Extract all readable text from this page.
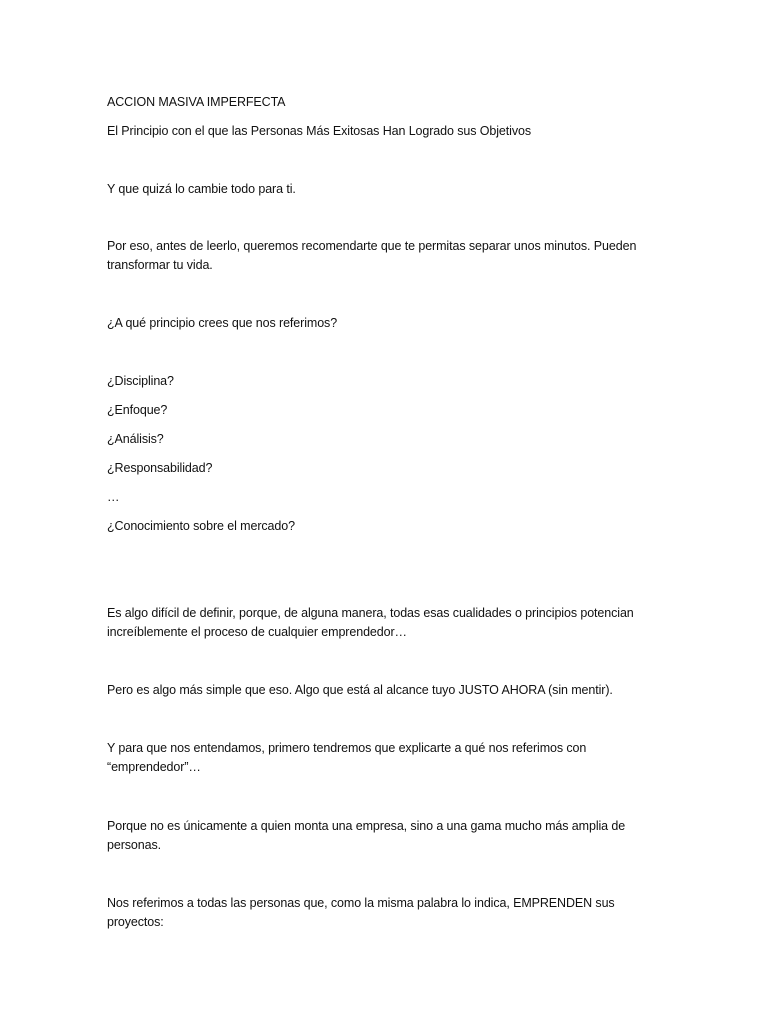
ACCION MASIVA IMPERFECTA
El Principio con el que las Personas Más Exitosas Han Logrado sus Objetivos
Y que quizá lo cambie todo para ti.
Por eso, antes de leerlo, queremos recomendarte que te permitas separar unos minutos. Pueden transformar tu vida.
¿A qué principio crees que nos referimos?
¿Disciplina?
¿Enfoque?
¿Análisis?
¿Responsabilidad?
…
¿Conocimiento sobre el mercado?
Es algo difícil de definir, porque, de alguna manera, todas esas cualidades o principios potencian increíblemente el proceso de cualquier emprendedor…
Pero es algo más simple que eso. Algo que está al alcance tuyo JUSTO AHORA (sin mentir).
Y para que nos entendamos, primero tendremos que explicarte a qué nos referimos con “emprendedor”…
Porque no es únicamente a quien monta una empresa, sino a una gama mucho más amplia de personas.
Nos referimos a todas las personas que, como la misma palabra lo indica, EMPRENDEN sus proyectos:
